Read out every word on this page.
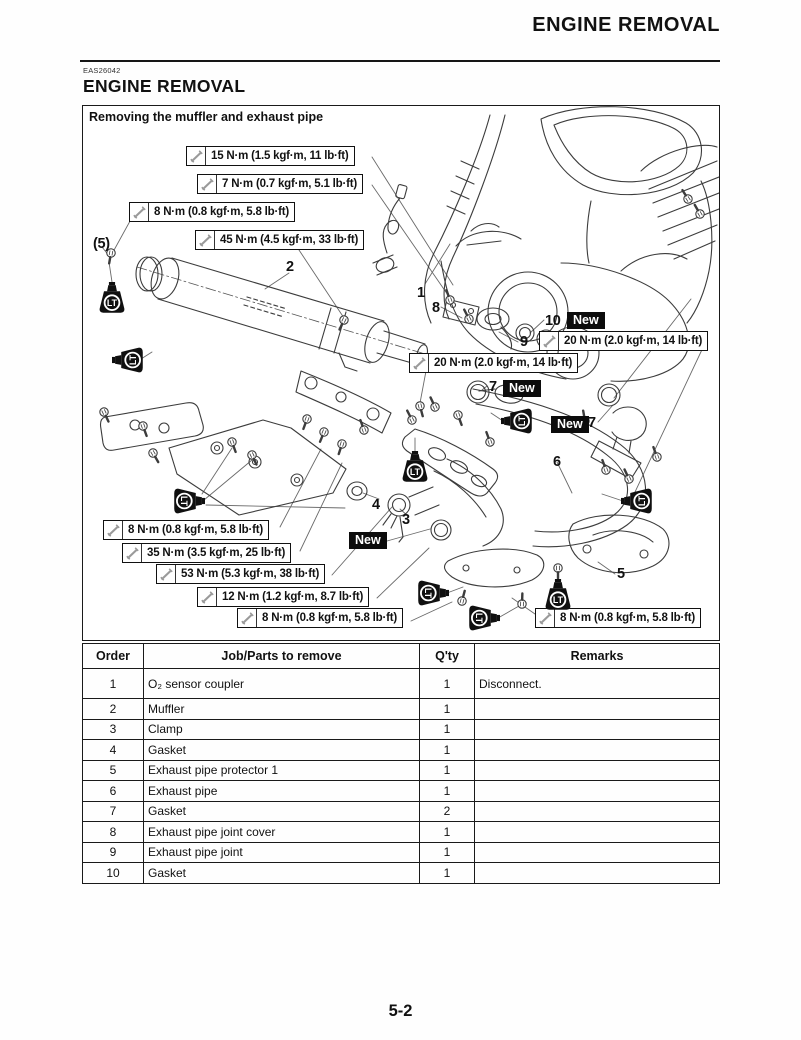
ENGINE REMOVAL
EAS26042
ENGINE REMOVAL
Removing the muffler and exhaust pipe
15 N·m (1.5 kgf·m, 11 lb·ft)
7 N·m (0.7 kgf·m, 5.1 lb·ft)
8 N·m (0.8 kgf·m, 5.8 lb·ft)
45 N·m (4.5 kgf·m, 33 lb·ft)
20 N·m (2.0 kgf·m, 14 lb·ft)
20 N·m (2.0 kgf·m, 14 lb·ft)
8 N·m (0.8 kgf·m, 5.8 lb·ft)
35 N·m (3.5 kgf·m, 25 lb·ft)
53 N·m (5.3 kgf·m, 38 lb·ft)
12 N·m (1.2 kgf·m, 8.7 lb·ft)
8 N·m (0.8 kgf·m, 5.8 lb·ft)	8 N·m (0.8 kgf·m, 5.8 lb·ft)
New
New
New
New
(5)
2
1
8
9
10
7
7
6
4
3
5
LT
LT
LT
LT
LT
LT
LT
LT
LT
Order	Job/Parts to remove	Q'ty	Remarks
1	O₂ sensor coupler	1	Disconnect.
2	Muffler	1	
3	Clamp	1	
4	Gasket	1	
5	Exhaust pipe protector 1	1	
6	Exhaust pipe	1	
7	Gasket	2	
8	Exhaust pipe joint cover	1	
9	Exhaust pipe joint	1	
10	Gasket	1	
5-2
